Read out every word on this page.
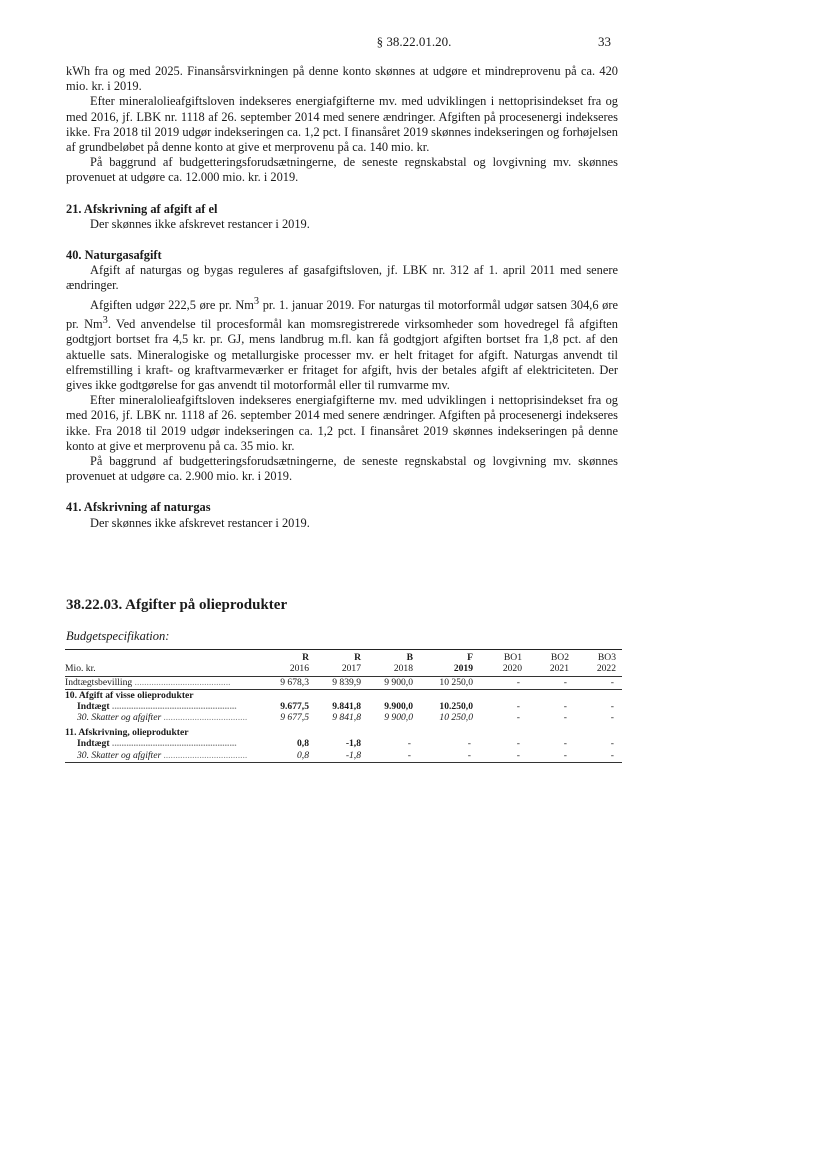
§ 38.22.01.20.	33

kWh fra og med 2025. Finansårsvirkningen på denne konto skønnes at udgøre et mindreprovenu på ca. 420 mio. kr. i 2019.

Efter mineralolieafgiftsloven indekseres energiafgifterne mv. med udviklingen i nettoprisindekset fra og med 2016, jf. LBK nr. 1118 af 26. september 2014 med senere ændringer. Afgiften på procesenergi indekseres ikke. Fra 2018 til 2019 udgør indekseringen ca. 1,2 pct. I finansåret 2019 skønnes indekseringen og forhøjelsen af grundbeløbet på denne konto at give et merprovenu på ca. 140 mio. kr.

På baggrund af budgetteringsforudsætningerne, de seneste regnskabstal og lovgivning mv. skønnes provenuet at udgøre ca. 12.000 mio. kr. i 2019.

21. Afskrivning af afgift af el

Der skønnes ikke afskrevet restancer i 2019.

40. Naturgasafgift

Afgift af naturgas og bygas reguleres af gasafgiftsloven, jf. LBK nr. 312 af 1. april 2011 med senere ændringer.

Afgiften udgør 222,5 øre pr. Nm$^3$ pr. 1. januar 2019. For naturgas til motorformål udgør satsen 304,6 øre pr. Nm$^3$. Ved anvendelse til procesformål kan momsregistrerede virksomheder som hovedregel få afgiften godtgjort bortset fra 4,5 kr. pr. GJ, mens landbrug m.fl. kan få godtgjort afgiften bortset fra 1,8 pct. af den aktuelle sats. Mineralogiske og metallurgiske processer mv. er helt fritaget for afgift. Naturgas anvendt til elfremstilling i kraft- og kraftvarmeværker er fritaget for afgift, hvis der betales afgift af elektriciteten. Der gives ikke godtgørelse for gas anvendt til motorformål eller til rumvarme mv.

Efter mineralolieafgiftsloven indekseres energiafgifterne mv. med udviklingen i nettoprisindekset fra og med 2016, jf. LBK nr. 1118 af 26. september 2014 med senere ændringer. Afgiften på procesenergi indekseres ikke. Fra 2018 til 2019 udgør indekseringen ca. 1,2 pct. I finansåret 2019 skønnes indekseringen på denne konto at give et merprovenu på ca. 35 mio. kr.

På baggrund af budgetteringsforudsætningerne, de seneste regnskabstal og lovgivning mv. skønnes provenuet at udgøre ca. 2.900 mio. kr. i 2019.

41. Afskrivning af naturgas

Der skønnes ikke afskrevet restancer i 2019.

38.22.03. Afgifter på olieprodukter
Budgetspecifikation:
	R	R	B	F	BO1	BO2	BO3
Mio. kr.	2016	2017	2018	2019	2020	2021	2022
Indtægtsbevilling ........................................	9 678,3	9 839,9	9 900,0	10 250,0	-	-	-
10. Afgift af visse olieprodukter							
Indtægt ....................................................	9.677,5	9.841,8	9.900,0	10.250,0	-	-	-
30. Skatter og afgifter ...................................	9 677,5	9 841,8	9 900,0	10 250,0	-	-	-

11. Afskrivning, olieprodukter							
Indtægt ....................................................	0,8	-1,8	-	-	-	-	-
30. Skatter og afgifter ...................................	0,8	-1,8	-	-	-	-	-
